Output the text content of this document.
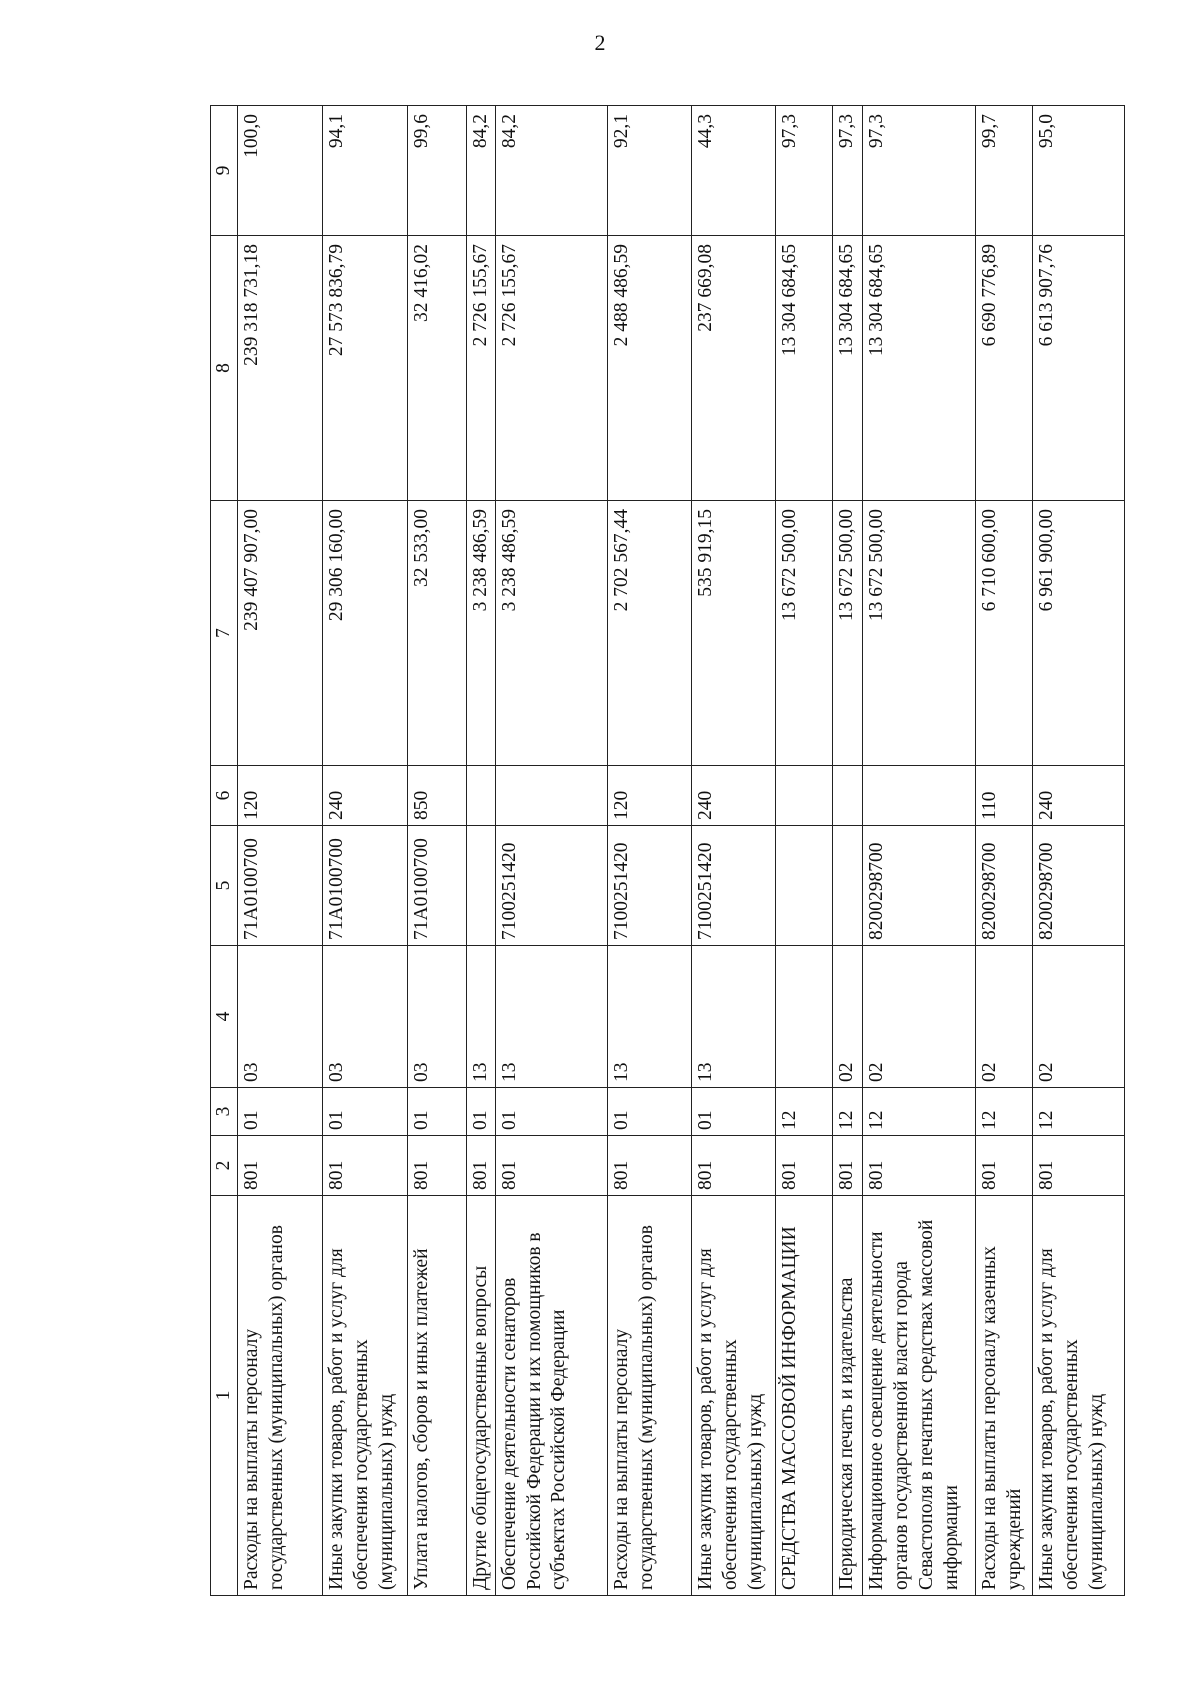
2
1	2	3	4	5	6	7	8	9
Расходы на выплаты персоналу государственных (муниципальных) органов	801	01	03	71А0100700	120	239 407 907,00	239 318 731,18	100,0
Иные закупки товаров, работ и услуг для обеспечения государственных (муниципальных) нужд	801	01	03	71А0100700	240	29 306 160,00	27 573 836,79	94,1
Уплата налогов, сборов и иных платежей	801	01	03	71А0100700	850	32 533,00	32 416,02	99,6
Другие общегосударственные вопросы	801	01	13			3 238 486,59	2 726 155,67	84,2
Обеспечение деятельности сенаторов Российской Федерации и их помощников в субъектах Российской Федерации	801	01	13	7100251420		3 238 486,59	2 726 155,67	84,2
Расходы на выплаты персоналу государственных (муниципальных) органов	801	01	13	7100251420	120	2 702 567,44	2 488 486,59	92,1
Иные закупки товаров, работ и услуг для обеспечения государственных (муниципальных) нужд	801	01	13	7100251420	240	535 919,15	237 669,08	44,3
СРЕДСТВА МАССОВОЙ ИНФОРМАЦИИ	801	12				13 672 500,00	13 304 684,65	97,3
Периодическая печать и издательства	801	12	02			13 672 500,00	13 304 684,65	97,3
Информационное освещение деятельности органов государственной власти города Севастополя в печатных средствах массовой информации	801	12	02	8200298700		13 672 500,00	13 304 684,65	97,3
Расходы на выплаты персоналу казенных учреждений	801	12	02	8200298700	110	6 710 600,00	6 690 776,89	99,7
Иные закупки товаров, работ и услуг для обеспечения государственных (муниципальных) нужд	801	12	02	8200298700	240	6 961 900,00	6 613 907,76	95,0
